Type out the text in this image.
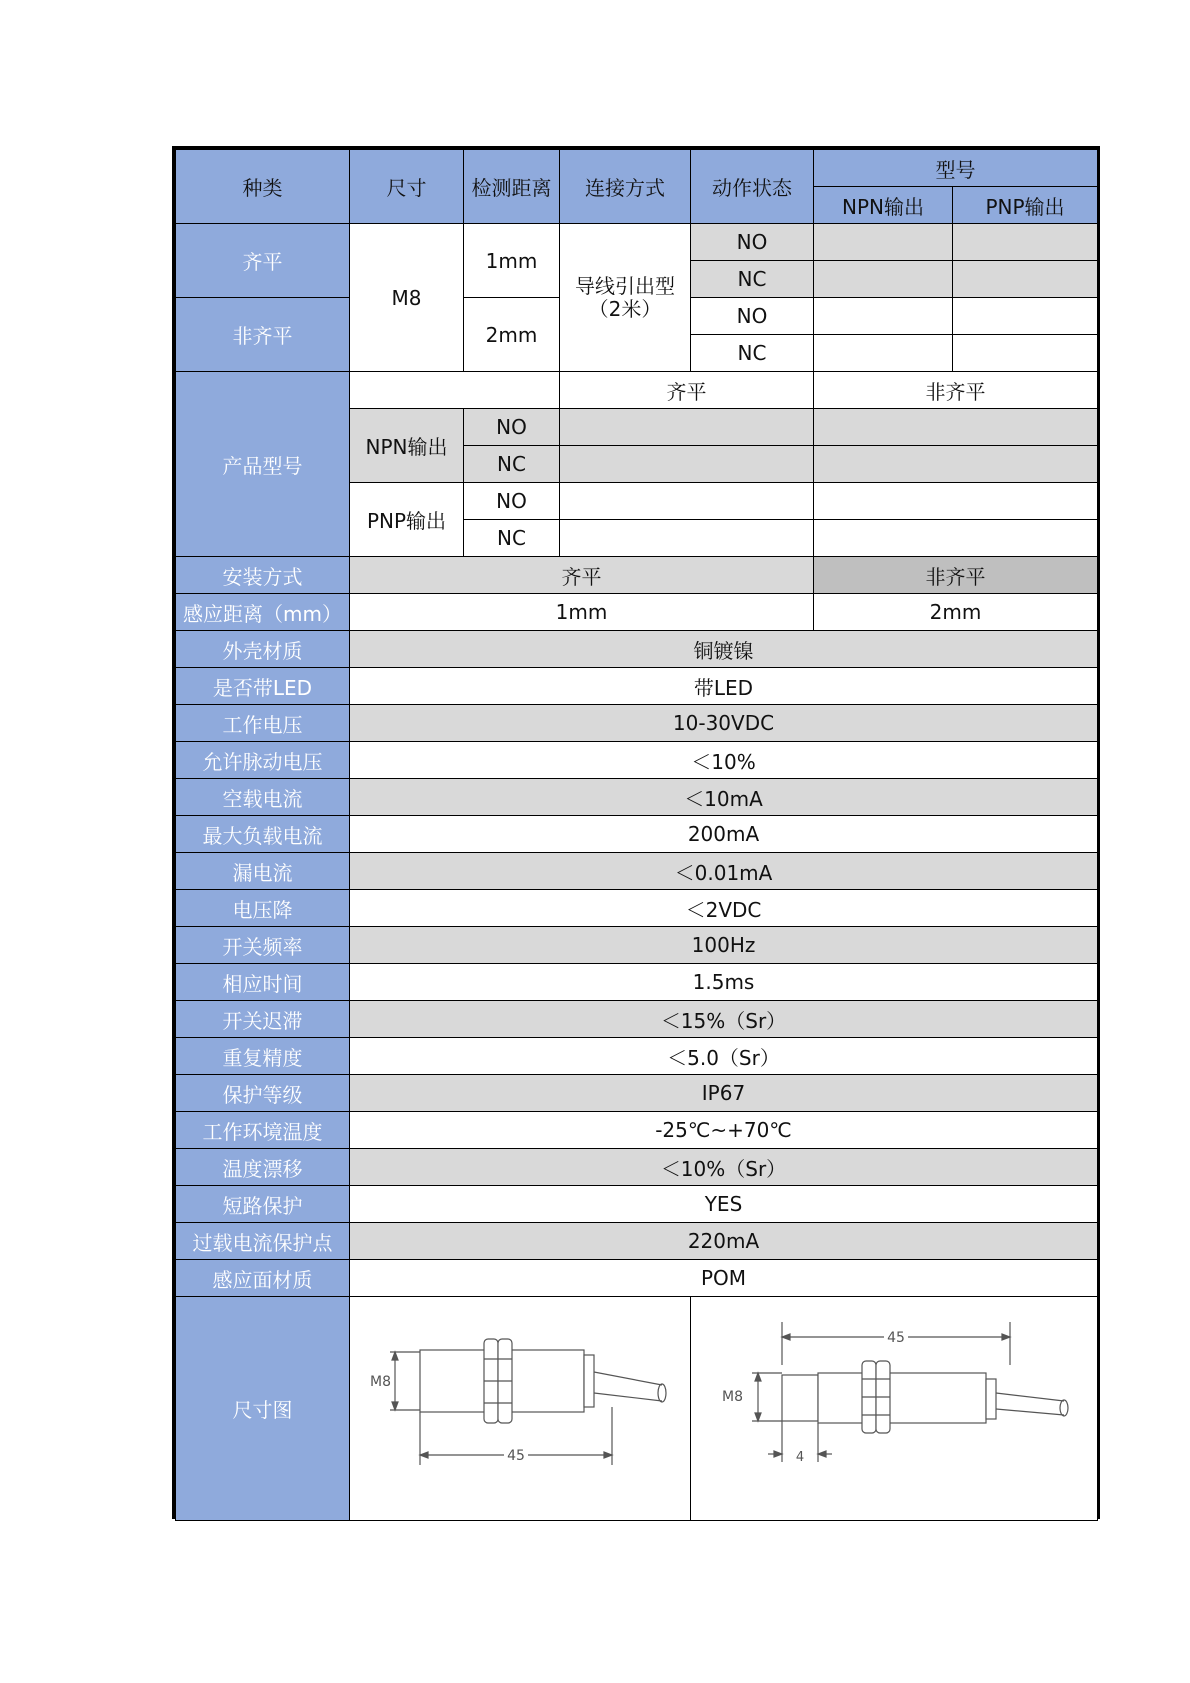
种类	尺寸	检测距离	连接方式	动作状态	型号	
					NPN输出	PNP输出
齐平	M8	1mm	导线引出型（2米）	NO		
				NC		
非齐平		2mm		NO		
				NC		
产品型号			齐平		非齐平	
	NPN输出	NO				
		NC				
	PNP输出	NO				
		NC				
安装方式	齐平				非齐平	
感应距离（mm）	1mm				2mm	
外壳材质	铜镀镍					
是否带LED	带LED					
工作电压	10-30VDC					
允许脉动电压	＜10%					
空载电流	＜10mA					
最大负载电流	200mA					
漏电流	＜0.01mA					
电压降	＜2VDC					
开关频率	100Hz					
相应时间	1.5ms					
开关迟滞	＜15%（Sr）					
重复精度	＜5.0（Sr）					
保护等级	IP67					
工作环境温度	-25℃~+70℃					
温度漂移	＜10%（Sr）					
短路保护	YES					
过载电流保护点	220mA					
感应面材质	POM					
尺寸图	45
M8			45
M8
4		
